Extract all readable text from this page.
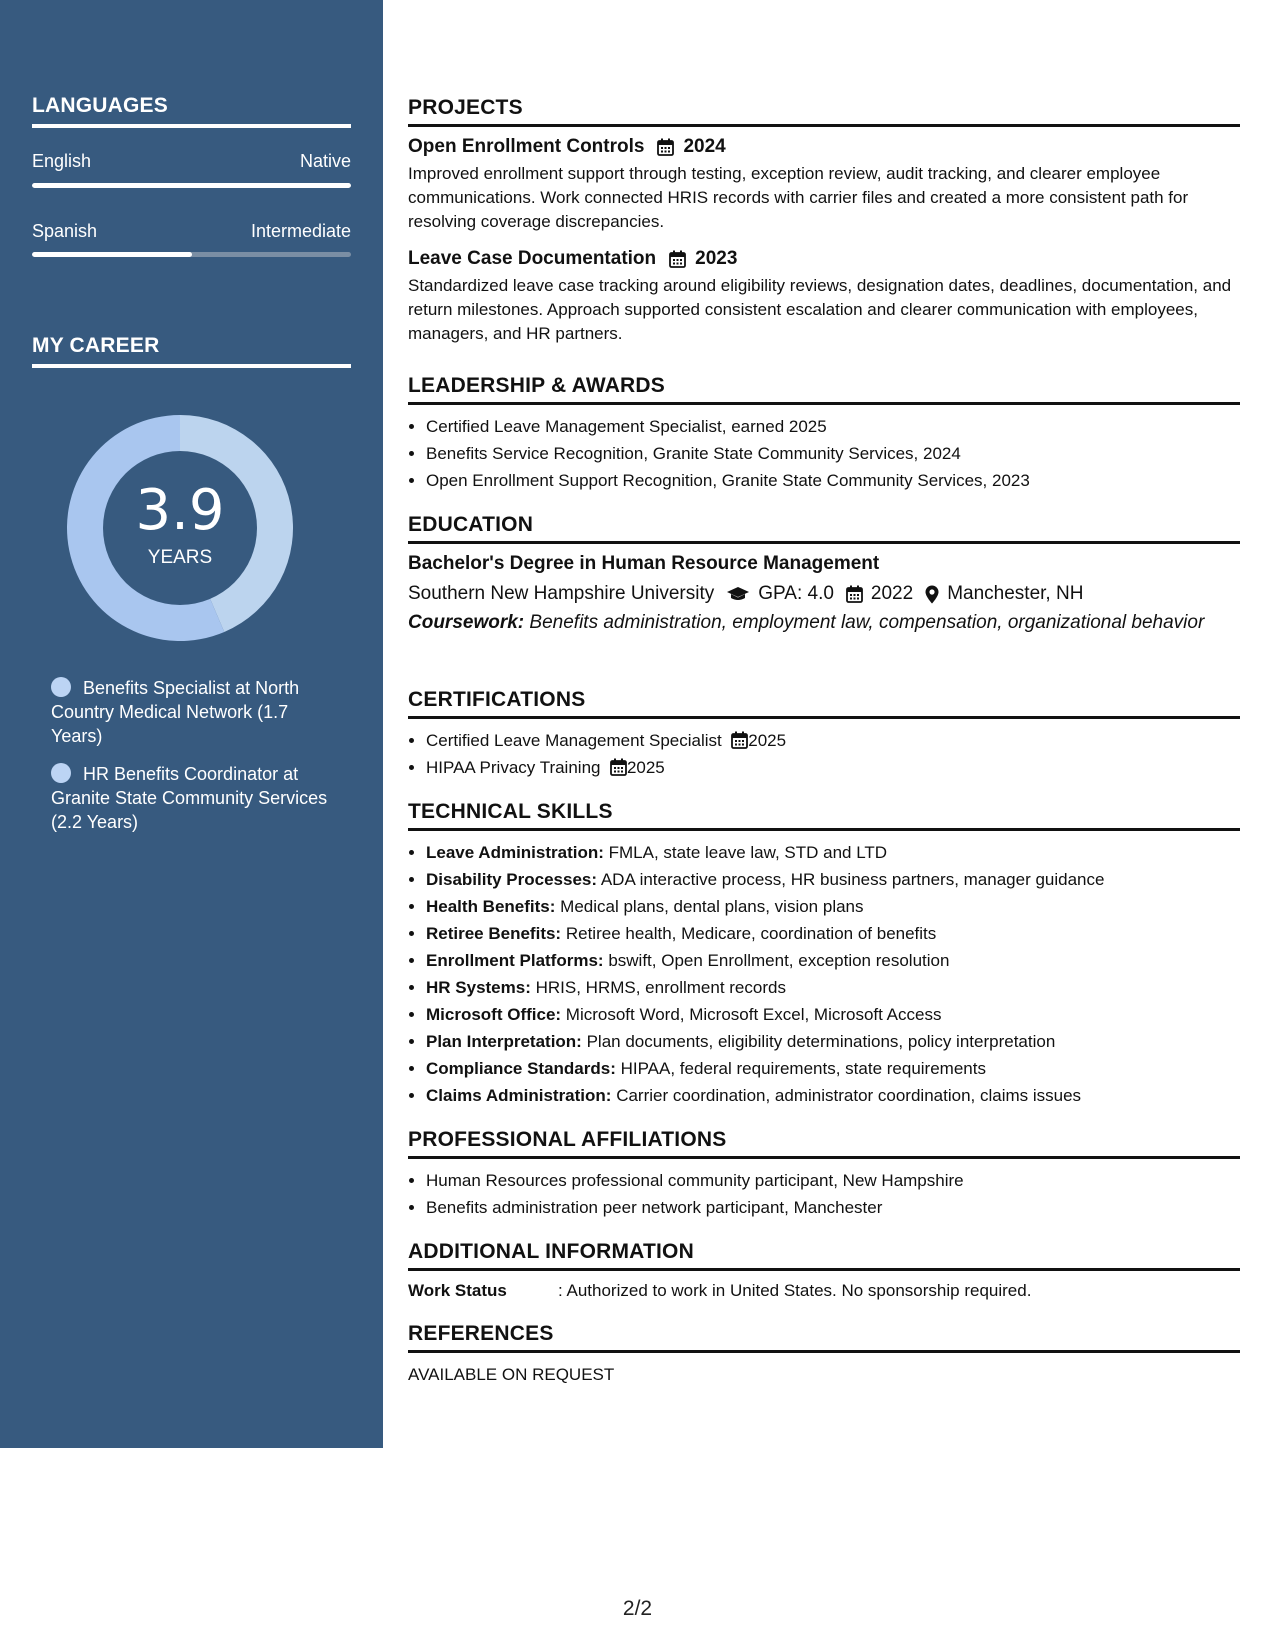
LANGUAGES
English	Native
Spanish	Intermediate
MY CAREER
3.9
YEARS
Benefits Specialist at North Country Medical Network (1.7 Years)
HR Benefits Coordinator at Granite State Community Services (2.2 Years)
PROJECTS
Open Enrollment Controls 2024
Improved enrollment support through testing, exception review, audit tracking, and clearer employee communications. Work connected HRIS records with carrier files and created a more consistent path for resolving coverage discrepancies.
Leave Case Documentation 2023
Standardized leave case tracking around eligibility reviews, designation dates, deadlines, documentation, and return milestones. Approach supported consistent escalation and clearer communication with employees, managers, and HR partners.
LEADERSHIP & AWARDS
• Certified Leave Management Specialist, earned 2025
• Benefits Service Recognition, Granite State Community Services, 2024
• Open Enrollment Support Recognition, Granite State Community Services, 2023
EDUCATION
Bachelor's Degree in Human Resource Management
Southern New Hampshire University GPA: 4.0 2022 Manchester, NH
Coursework: Benefits administration, employment law, compensation, organizational behavior
CERTIFICATIONS
• Certified Leave Management Specialist 2025
• HIPAA Privacy Training 2025
TECHNICAL SKILLS
• Leave Administration: FMLA, state leave law, STD and LTD
• Disability Processes: ADA interactive process, HR business partners, manager guidance
• Health Benefits: Medical plans, dental plans, vision plans
• Retiree Benefits: Retiree health, Medicare, coordination of benefits
• Enrollment Platforms: bswift, Open Enrollment, exception resolution
• HR Systems: HRIS, HRMS, enrollment records
• Microsoft Office: Microsoft Word, Microsoft Excel, Microsoft Access
• Plan Interpretation: Plan documents, eligibility determinations, policy interpretation
• Compliance Standards: HIPAA, federal requirements, state requirements
• Claims Administration: Carrier coordination, administrator coordination, claims issues
PROFESSIONAL AFFILIATIONS
• Human Resources professional community participant, New Hampshire
• Benefits administration peer network participant, Manchester
ADDITIONAL INFORMATION
Work Status	: Authorized to work in United States. No sponsorship required.
REFERENCES
AVAILABLE ON REQUEST
2/2
